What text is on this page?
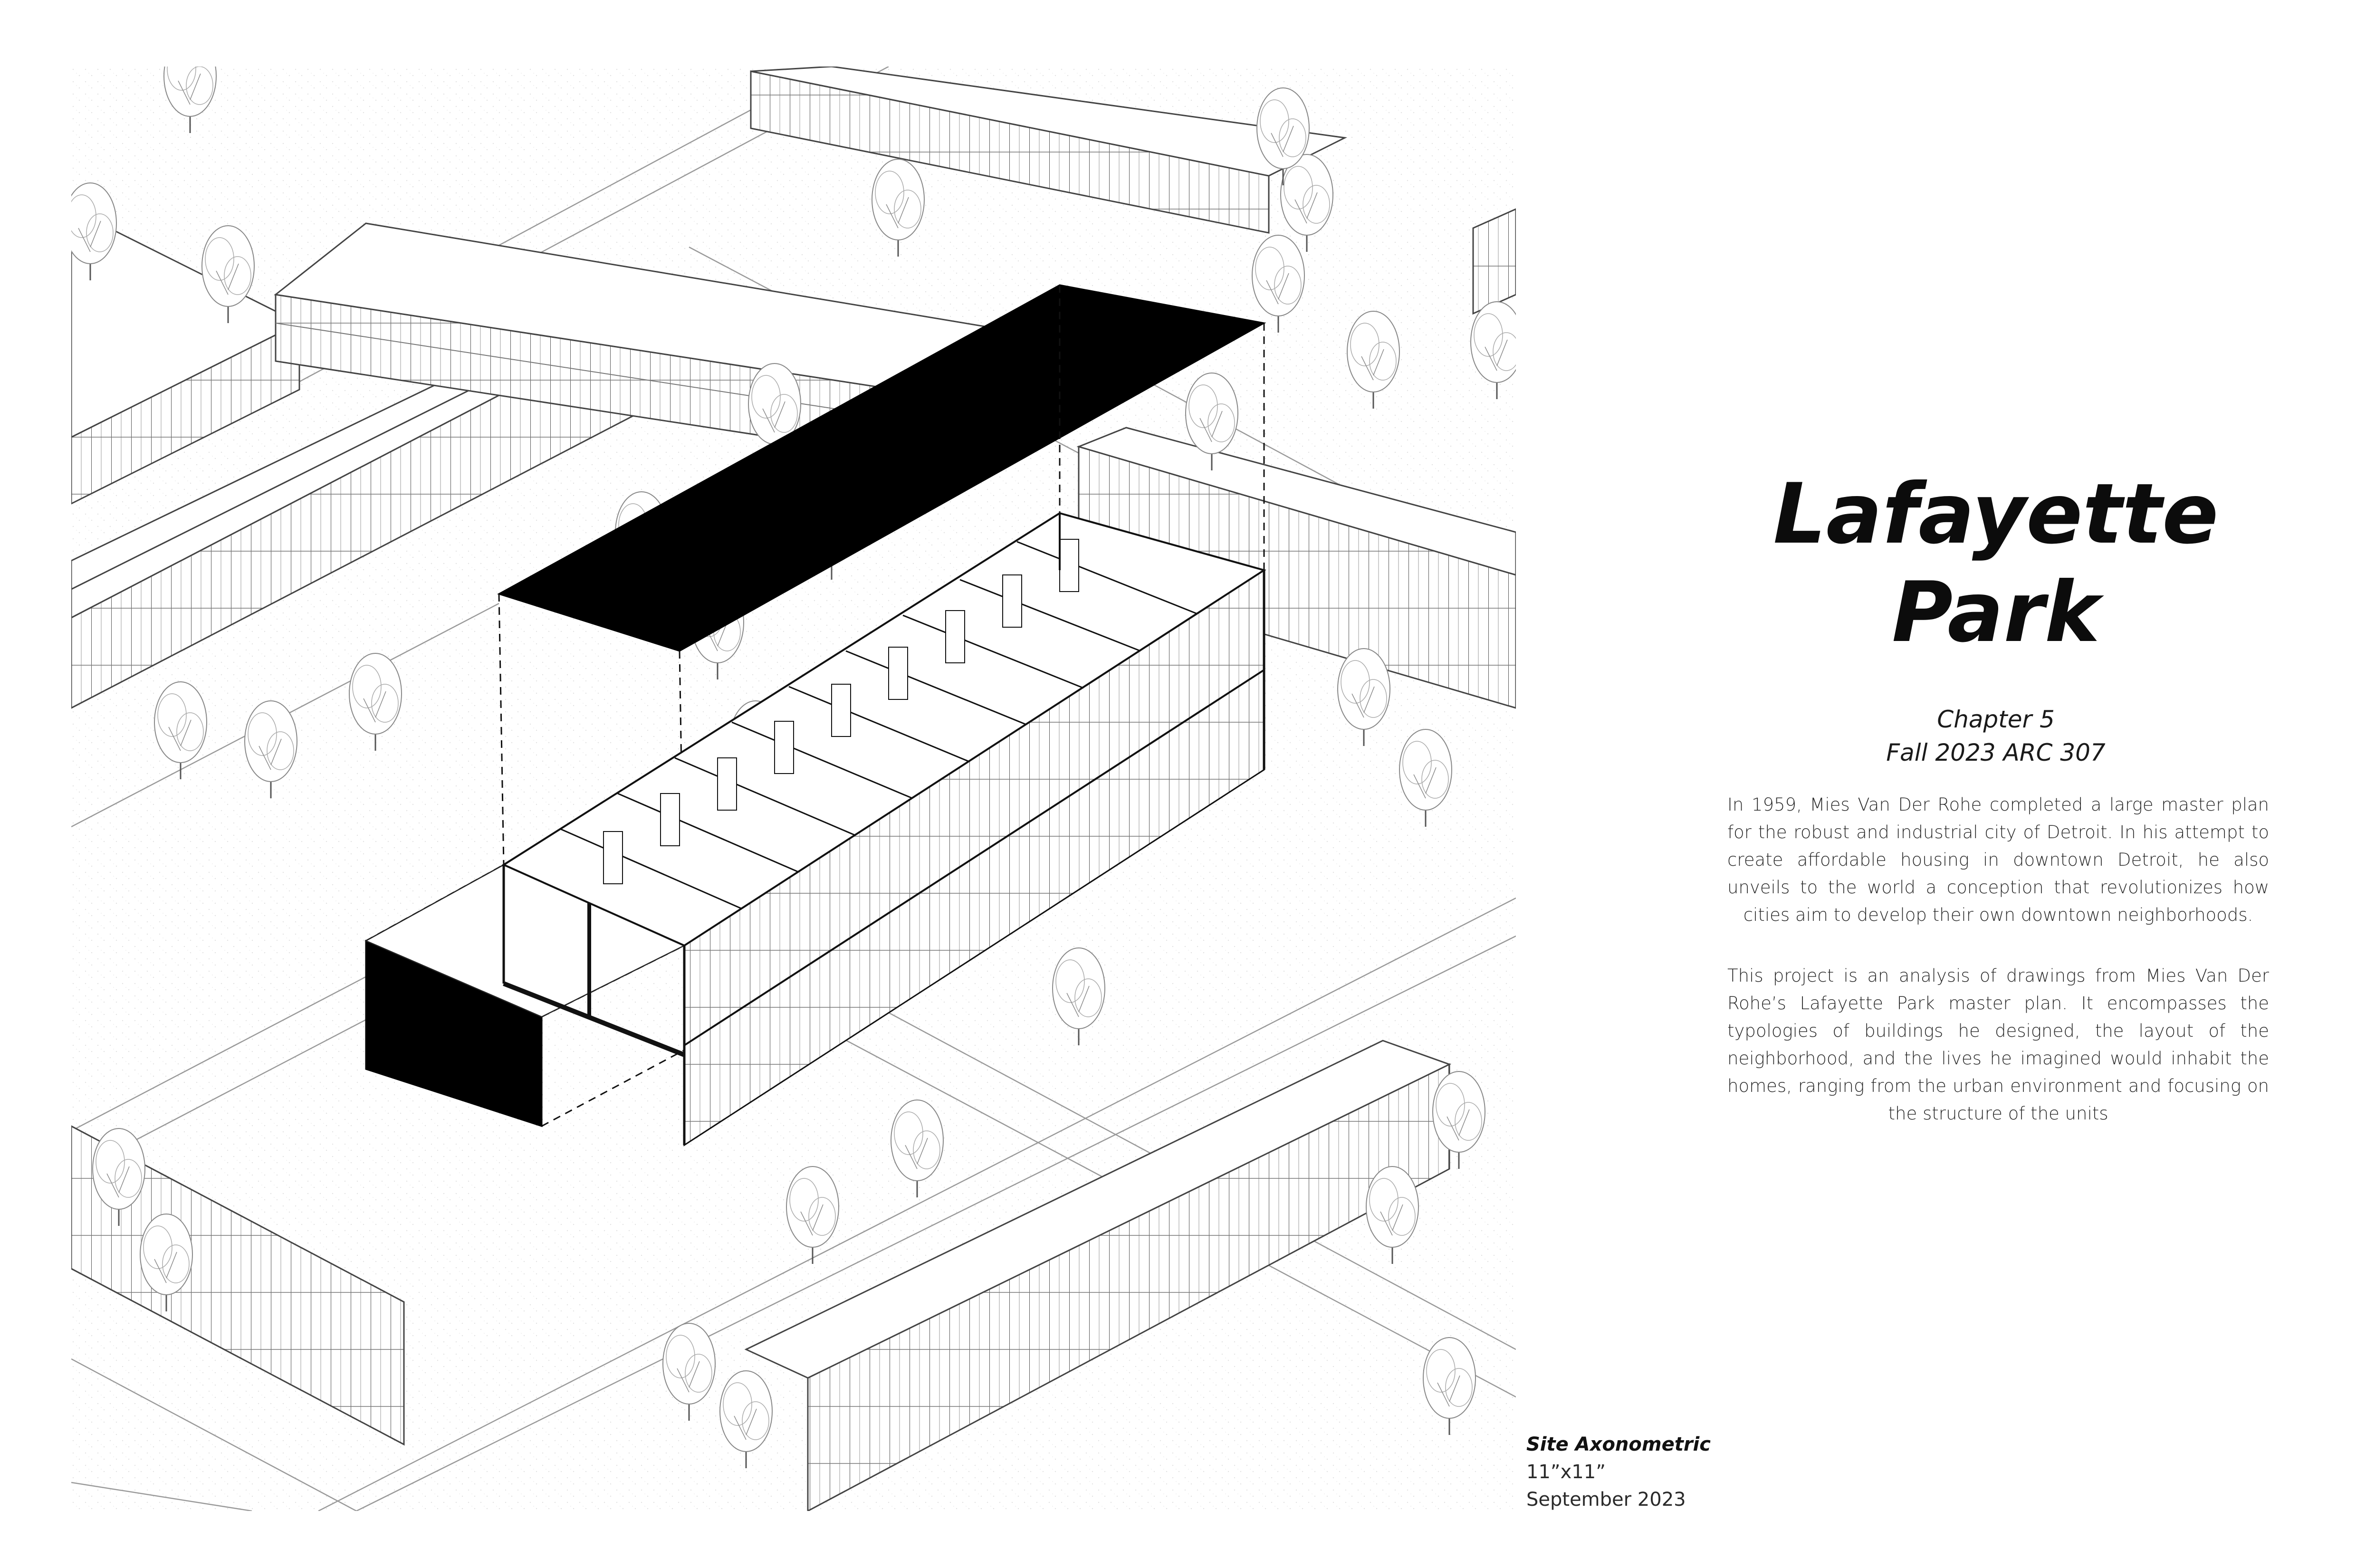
Lafayette
Park
Chapter 5
Fall 2023 ARC 307
In 1959, Mies Van Der Rohe completed a large master plan for the robust and industrial city of Detroit. In his attempt to create affordable housing in downtown Detroit, he also unveils to the world a conception that revolutionizes how cities aim to develop their own downtown neighborhoods.
This project is an analysis of drawings from Mies Van Der Rohe’s Lafayette Park master plan. It encompasses the typologies of buildings he designed, the layout of the neighborhood, and the lives he imagined would inhabit the homes, ranging from the urban environment and focusing on the structure of the units
Site Axonometric
11”x11”
September 2023
